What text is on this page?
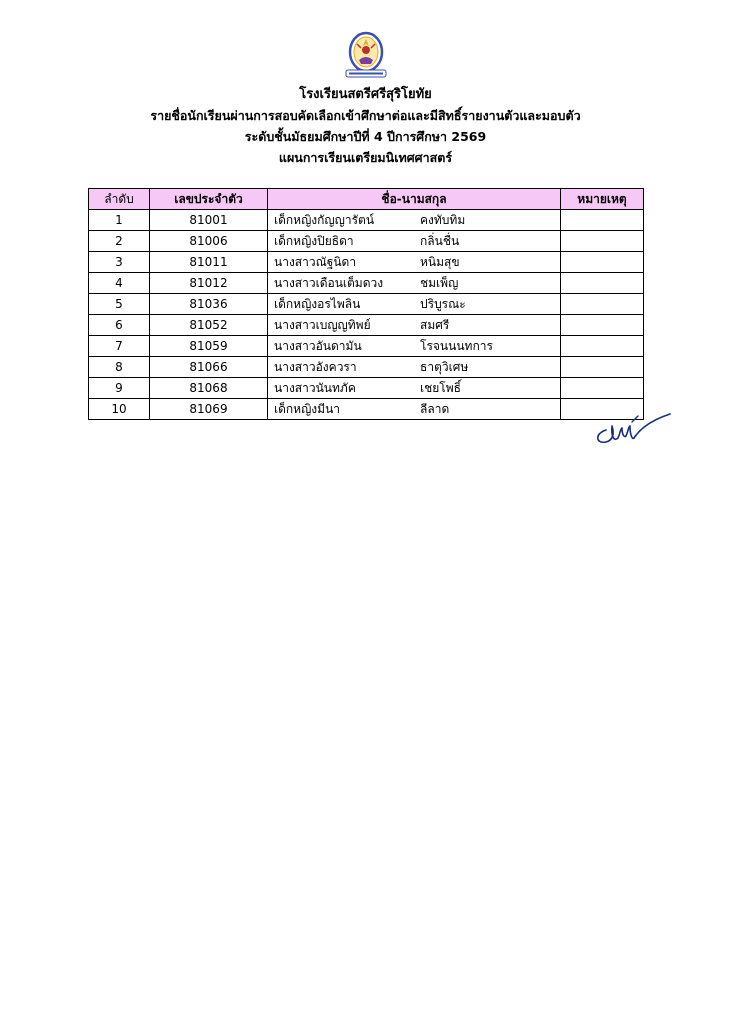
โรงเรียนสตรีศรีสุริโยทัย
รายชื่อนักเรียนผ่านการสอบคัดเลือกเข้าศึกษาต่อและมีสิทธิ์รายงานตัวและมอบตัว
ระดับชั้นมัธยมศึกษาปีที่ 4 ปีการศึกษา 2569
แผนการเรียนเตรียมนิเทศศาสตร์
ลำดับ	เลขประจำตัว	ชื่อ-นามสกุล	หมายเหตุ
1	81001	เด็กหญิงกัญญารัตน์ คงทับทิม	
2	81006	เด็กหญิงปิยธิดา กลิ่นชื่น	
3	81011	นางสาวณัฐนิดา หนิมสุข	
4	81012	นางสาวเดือนเต็มดวง ชมเพ็ญ	
5	81036	เด็กหญิงอรไพลิน ปริบูรณะ	
6	81052	นางสาวเบญญทิพย์ สมศรี	
7	81059	นางสาวอันดามัน โรจนนนทการ	
8	81066	นางสาวอังควรา ธาตุวิเศษ	
9	81068	นางสาวนันทภัค เชยโพธิ์	
10	81069	เด็กหญิงมีนา ลีลาด	
